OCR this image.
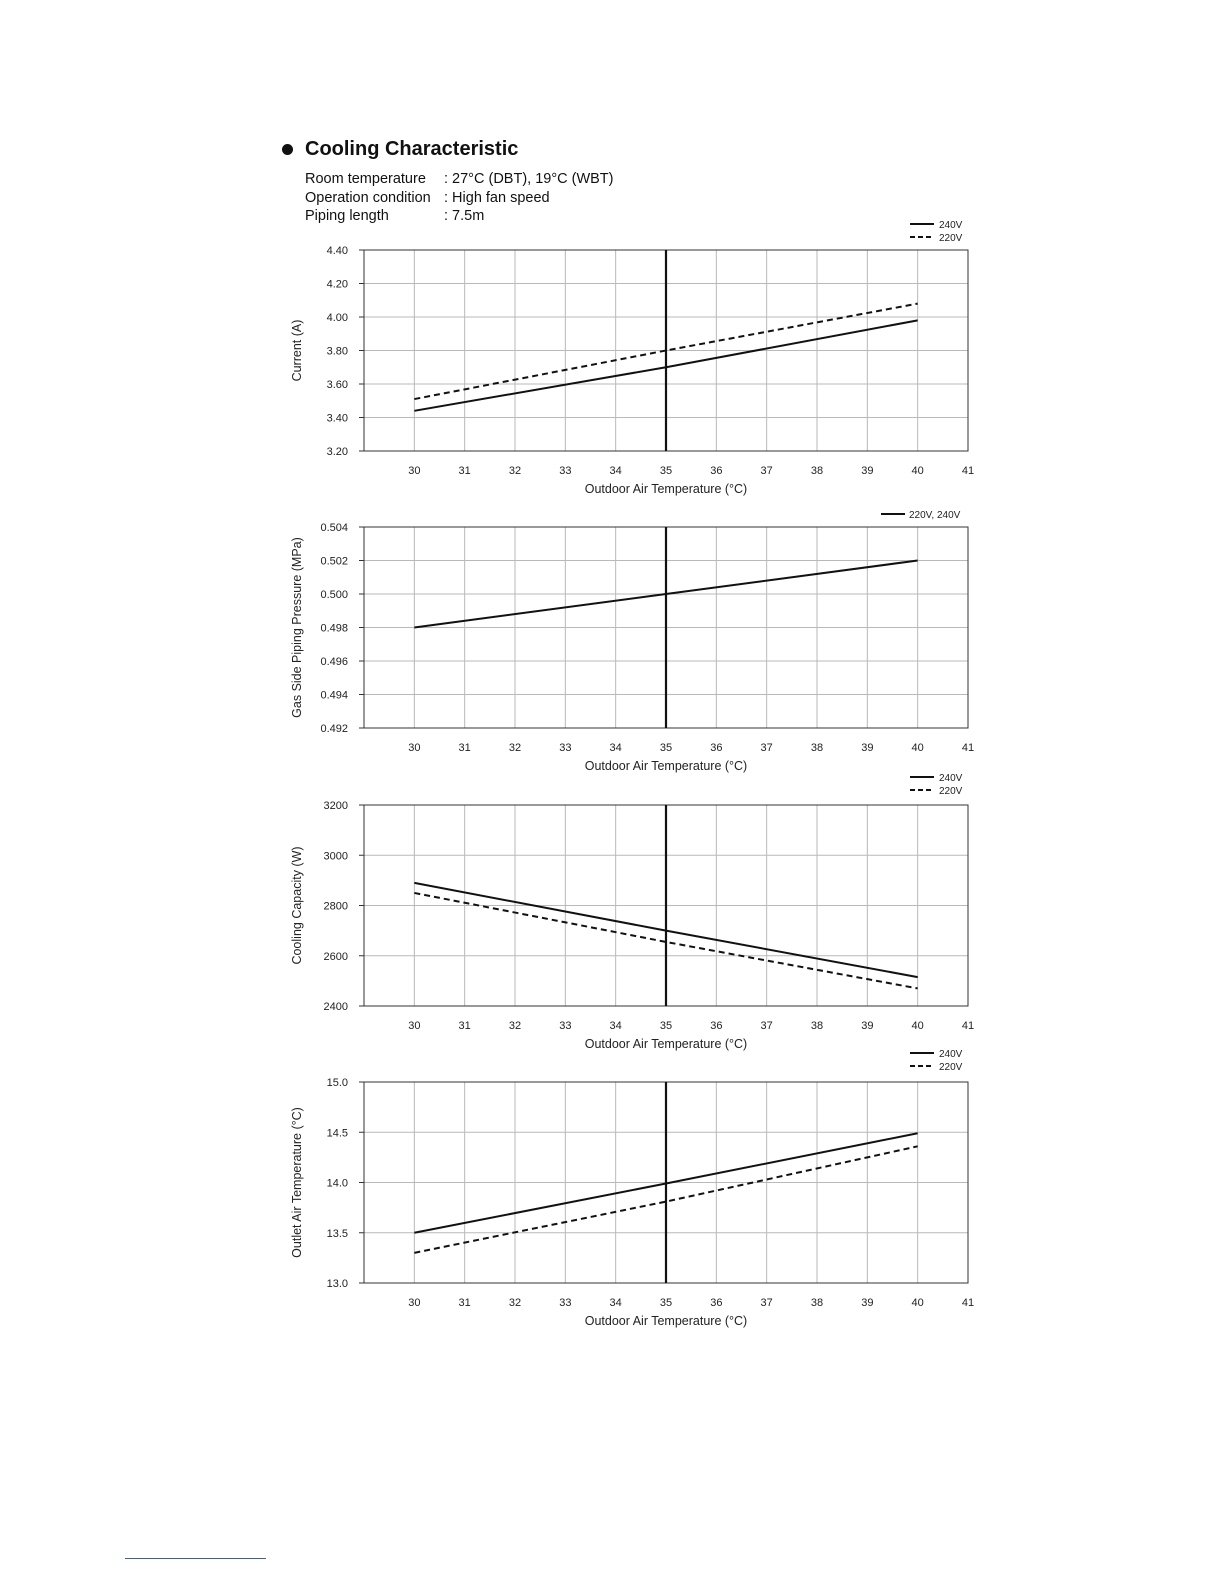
Cooling Characteristic
Room temperature	: 27°C (DBT), 19°C (WBT)
Operation condition : High fan speed
Piping length	: 7.5m
30	31	32	33	34	35	36	37	38	39	40	41
3.20
3.40
3.60
3.80
4.00
4.20
4.40
Outdoor Air Temperature (°C)
Current (A)
240V
220V
30	31	32	33	34	35	36	37	38	39	40	41
0.492
0.494
0.496
0.498
0.500
0.502
0.504
Outdoor Air Temperature (°C)
Gas Side Piping Pressure (MPa)
220V, 240V
30	31	32	33	34	35	36	37	38	39	40	41
2400
2600
2800
3000
3200
Outdoor Air Temperature (°C)
Cooling Capacity (W)
240V
220V
30	31	32	33	34	35	36	37	38	39	40	41
13.0
13.5
14.0
14.5
15.0
Outdoor Air Temperature (°C)
Outlet Air Temperature (°C)
240V
220V
